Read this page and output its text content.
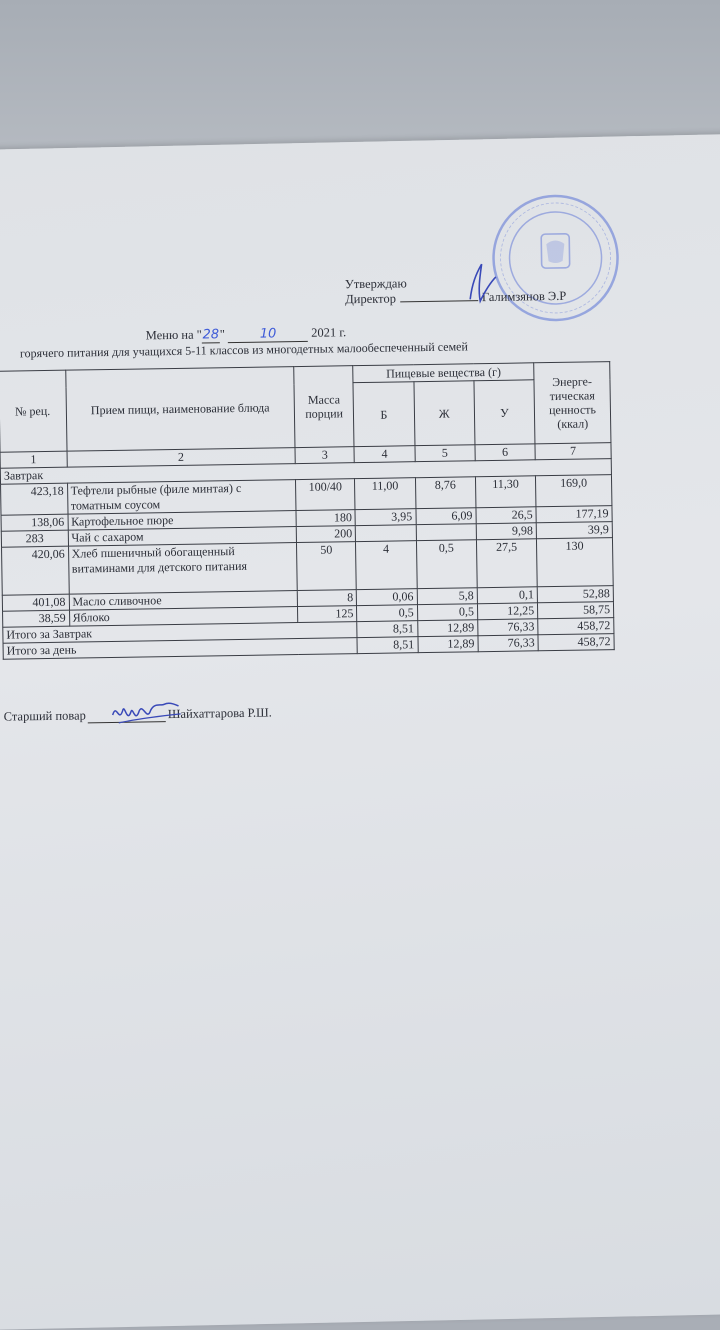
Утверждаю
Директор	Галимзянов Э.Р
Меню на "28"	10	2021 г.
горячего питания для учащихся 5-11 классов из многодетных малообеспеченный семей
№ рец.	Прием пищи, наименование блюда	Масса порции	Пищевые вещества (г)			Энерге-тическая ценность (ккал)
			Б	Ж	У	
1	2	3	4	5	6	7
Завтрак						
423,18	Тефтели рыбные (филе минтая) с томатным соусом	100/40	11,00	8,76	11,30	169,0
138,06	Картофельное пюре	180	3,95	6,09	26,5	177,19
283	Чай с сахаром	200			9,98	39,9
420,06	Хлеб пшеничный обогащенный витаминами для детского питания	50	4	0,5	27,5	130
401,08	Масло сливочное	8	0,06	5,8	0,1	52,88
38,59	Яблоко	125	0,5	0,5	12,25	58,75
Итого за Завтрак			8,51	12,89	76,33	458,72
Итого за день			8,51	12,89	76,33	458,72
Старший повар	Шайхаттарова Р.Ш.
